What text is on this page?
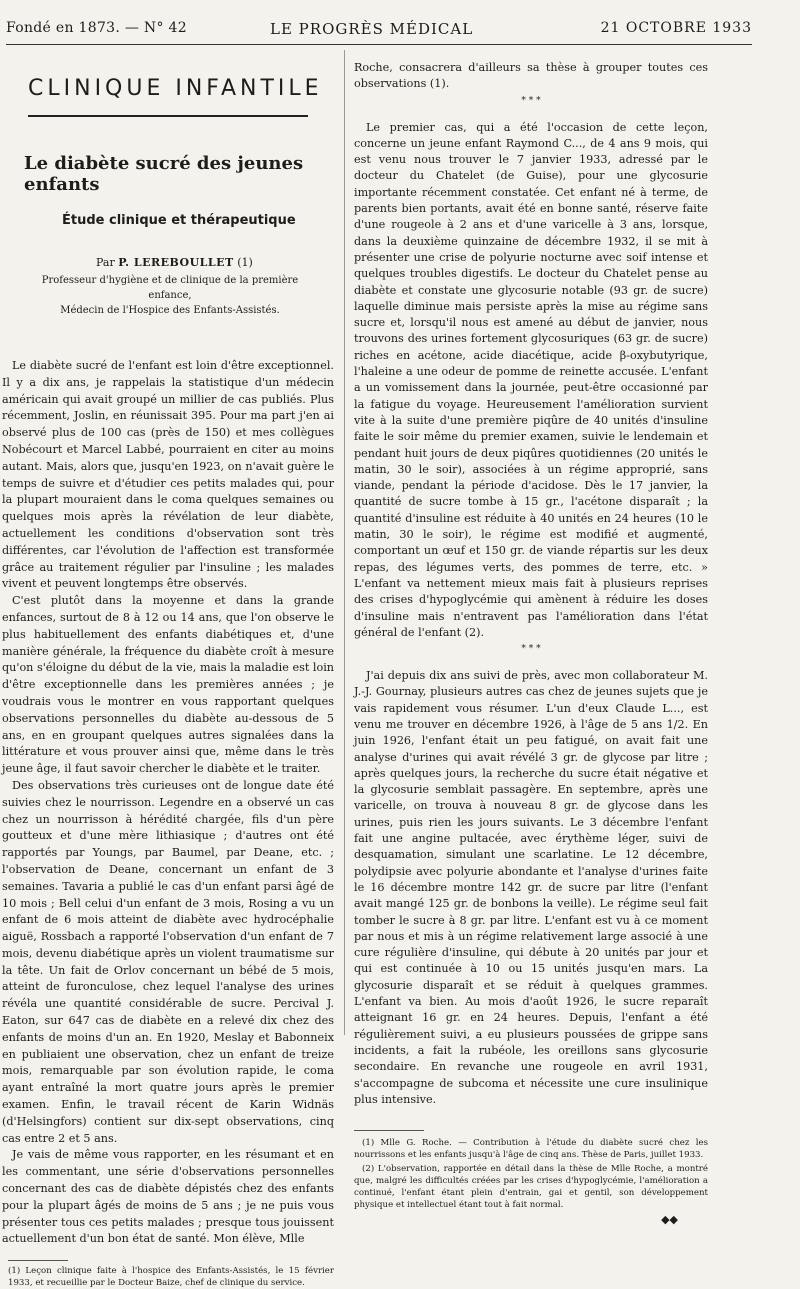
Fondé en 1873. — N° 42	LE PROGRÈS MÉDICAL	21 OCTOBRE 1933
CLINIQUE INFANTILE
Le diabète sucré des jeunes enfants
Étude clinique et thérapeutique
Par P. LEREBOULLET (1)
Professeur d'hygiène et de clinique de la première enfance,
Médecin de l'Hospice des Enfants-Assistés.

Le diabète sucré de l'enfant est loin d'être exceptionnel. Il y a dix ans, je rappelais la statistique d'un médecin américain qui avait groupé un millier de cas publiés. Plus récemment, Joslin, en réunissait 395. Pour ma part j'en ai observé plus de 100 cas (près de 150) et mes collègues Nobécourt et Marcel Labbé, pourraient en citer au moins autant. Mais, alors que, jusqu'en 1923, on n'avait guère le temps de suivre et d'étudier ces petits malades qui, pour la plupart mouraient dans le coma quelques semaines ou quelques mois après la révélation de leur diabète, actuellement les conditions d'observation sont très différentes, car l'évolution de l'affection est transformée grâce au traitement régulier par l'insuline ; les malades vivent et peuvent longtemps être observés.

C'est plutôt dans la moyenne et dans la grande enfances, surtout de 8 à 12 ou 14 ans, que l'on observe le plus habituellement des enfants diabétiques et, d'une manière générale, la fréquence du diabète croît à mesure qu'on s'éloigne du début de la vie, mais la maladie est loin d'être exceptionnelle dans les premières années ; je voudrais vous le montrer en vous rapportant quelques observations personnelles du diabète au-dessous de 5 ans, en en groupant quelques autres signalées dans la littérature et vous prouver ainsi que, même dans le très jeune âge, il faut savoir chercher le diabète et le traiter.

Des observations très curieuses ont de longue date été suivies chez le nourrisson. Legendre en a observé un cas chez un nourrisson à hérédité chargée, fils d'un père goutteux et d'une mère lithiasique ; d'autres ont été rapportés par Youngs, par Baumel, par Deane, etc. ; l'observation de Deane, concernant un enfant de 3 semaines. Tavaria a publié le cas d'un enfant parsi âgé de 10 mois ; Bell celui d'un enfant de 3 mois, Rosing a vu un enfant de 6 mois atteint de diabète avec hydrocéphalie aiguë, Rossbach a rapporté l'observation d'un enfant de 7 mois, devenu diabétique après un violent traumatisme sur la tête. Un fait de Orlov concernant un bébé de 5 mois, atteint de furonculose, chez lequel l'analyse des urines révéla une quantité considérable de sucre. Percival J. Eaton, sur 647 cas de diabète en a relevé dix chez des enfants de moins d'un an. En 1920, Meslay et Babonneix en publiaient une observation, chez un enfant de treize mois, remarquable par son évolution rapide, le coma ayant entraîné la mort quatre jours après le premier examen. Enfin, le travail récent de Karin Widnäs (d'Helsingfors) contient sur dix-sept observations, cinq cas entre 2 et 5 ans.

Je vais de même vous rapporter, en les résumant et en les commentant, une série d'observations personnelles concernant des cas de diabète dépistés chez des enfants pour la plupart âgés de moins de 5 ans ; je ne puis vous présenter tous ces petits malades ; presque tous jouissent actuellement d'un bon état de santé. Mon élève, Mlle

(1) Leçon clinique faite à l'hospice des Enfants-Assistés, le 15 février 1933, et recueillie par le Docteur Baize, chef de clinique du service.

Roche, consacrera d'ailleurs sa thèse à grouper toutes ces observations (1).

* * *

Le premier cas, qui a été l'occasion de cette leçon, concerne un jeune enfant Raymond C..., de 4 ans 9 mois, qui est venu nous trouver le 7 janvier 1933, adressé par le docteur du Chatelet (de Guise), pour une glycosurie importante récemment constatée. Cet enfant né à terme, de parents bien portants, avait été en bonne santé, réserve faite d'une rougeole à 2 ans et d'une varicelle à 3 ans, lorsque, dans la deuxième quinzaine de décembre 1932, il se mit à présenter une crise de polyurie nocturne avec soif intense et quelques troubles digestifs. Le docteur du Chatelet pense au diabète et constate une glycosurie notable (93 gr. de sucre) laquelle diminue mais persiste après la mise au régime sans sucre et, lorsqu'il nous est amené au début de janvier, nous trouvons des urines fortement glycosuriques (63 gr. de sucre) riches en acétone, acide diacétique, acide β-oxybutyrique, l'haleine a une odeur de pomme de reinette accusée. L'enfant a un vomissement dans la journée, peut-être occasionné par la fatigue du voyage. Heureusement l'amélioration survient vite à la suite d'une première piqûre de 40 unités d'insuline faite le soir même du premier examen, suivie le lendemain et pendant huit jours de deux piqûres quotidiennes (20 unités le matin, 30 le soir), associées à un régime approprié, sans viande, pendant la période d'acidose. Dès le 17 janvier, la quantité de sucre tombe à 15 gr., l'acétone disparaît ; la quantité d'insuline est réduite à 40 unités en 24 heures (10 le matin, 30 le soir), le régime est modifié et augmenté, comportant un œuf et 150 gr. de viande répartis sur les deux repas, des légumes verts, des pommes de terre, etc. » L'enfant va nettement mieux mais fait à plusieurs reprises des crises d'hypoglycémie qui amènent à réduire les doses d'insuline mais n'entravent pas l'amélioration dans l'état général de l'enfant (2).

* * *

J'ai depuis dix ans suivi de près, avec mon collaborateur M. J.-J. Gournay, plusieurs autres cas chez de jeunes sujets que je vais rapidement vous résumer. L'un d'eux Claude L..., est venu me trouver en décembre 1926, à l'âge de 5 ans 1/2. En juin 1926, l'enfant était un peu fatigué, on avait fait une analyse d'urines qui avait révélé 3 gr. de glycose par litre ; après quelques jours, la recherche du sucre était négative et la glycosurie semblait passagère. En septembre, après une varicelle, on trouva à nouveau 8 gr. de glycose dans les urines, puis rien les jours suivants. Le 3 décembre l'enfant fait une angine pultacée, avec érythème léger, suivi de desquamation, simulant une scarlatine. Le 12 décembre, polydipsie avec polyurie abondante et l'analyse d'urines faite le 16 décembre montre 142 gr. de sucre par litre (l'enfant avait mangé 125 gr. de bonbons la veille). Le régime seul fait tomber le sucre à 8 gr. par litre. L'enfant est vu à ce moment par nous et mis à un régime relativement large associé à une cure régulière d'insuline, qui débute à 20 unités par jour et qui est continuée à 10 ou 15 unités jusqu'en mars. La glycosurie disparaît et se réduit à quelques grammes. L'enfant va bien. Au mois d'août 1926, le sucre reparaît atteignant 16 gr. en 24 heures. Depuis, l'enfant a été régulièrement suivi, a eu plusieurs poussées de grippe sans incidents, a fait la rubéole, les oreillons sans glycosurie secondaire. En revanche une rougeole en avril 1931, s'accompagne de subcoma et nécessite une cure insulinique plus intensive.

(1) Mlle G. Roche. — Contribution à l'étude du diabète sucré chez les nourrissons et les enfants jusqu'à l'âge de cinq ans. Thèse de Paris, juillet 1933.

(2) L'observation, rapportée en détail dans la thèse de Mlle Roche, a montré que, malgré les difficultés créées par les crises d'hypoglycémie, l'amélioration a continué, l'enfant étant plein d'entrain, gai et gentil, son développement physique et intellectuel étant tout à fait normal.

◆◆
